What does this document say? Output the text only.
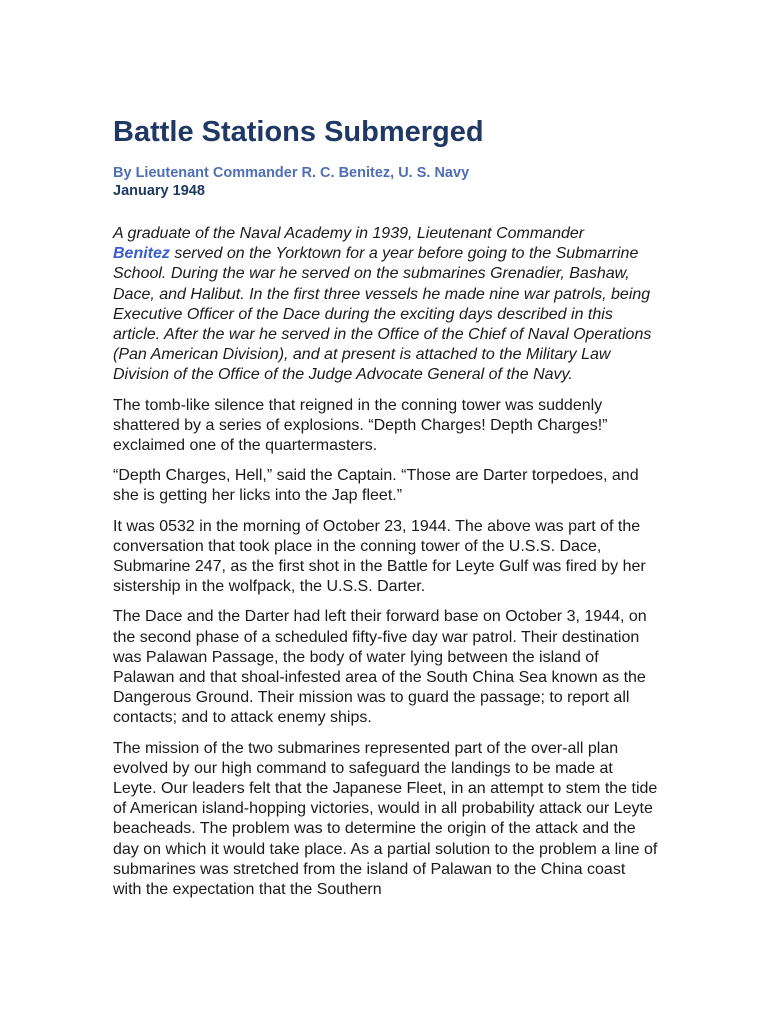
Battle Stations Submerged
By Lieutenant Commander R. C. Benitez, U. S. Navy
January 1948

A graduate of the Naval Academy in 1939, Lieutenant Commander
Benitez served on the Yorktown for a year before going to the Submarrine School. During the war he served on the submarines Grenadier, Bashaw, Dace, and Halibut. In the first three vessels he made nine war patrols, being Executive Officer of the Dace during the exciting days described in this article. After the war he served in the Office of the Chief of Naval Operations (Pan American Division), and at present is attached to the Military Law Division of the Office of the Judge Advocate General of the Navy.

The tomb-like silence that reigned in the conning tower was suddenly shattered by a series of explosions. “Depth Charges! Depth Charges!” exclaimed one of the quartermasters.

“Depth Charges, Hell,” said the Captain. “Those are Darter torpedoes, and she is getting her licks into the Jap fleet.”

It was 0532 in the morning of October 23, 1944. The above was part of the conversation that took place in the conning tower of the U.S.S. Dace, Submarine 247, as the first shot in the Battle for Leyte Gulf was fired by her sistership in the wolfpack, the U.S.S. Darter.

The Dace and the Darter had left their forward base on October 3, 1944, on the second phase of a scheduled fifty-five day war patrol. Their destination was Palawan Passage, the body of water lying between the island of Palawan and that shoal-infested area of the South China Sea known as the Dangerous Ground. Their mission was to guard the passage; to report all contacts; and to attack enemy ships.

The mission of the two submarines represented part of the over-all plan evolved by our high command to safeguard the landings to be made at Leyte. Our leaders felt that the Japanese Fleet, in an attempt to stem the tide of American island-hopping victories, would in all probability attack our Leyte beacheads. The problem was to determine the origin of the attack and the day on which it would take place. As a partial solution to the problem a line of submarines was stretched from the island of Palawan to the China coast with the expectation that the Southern
